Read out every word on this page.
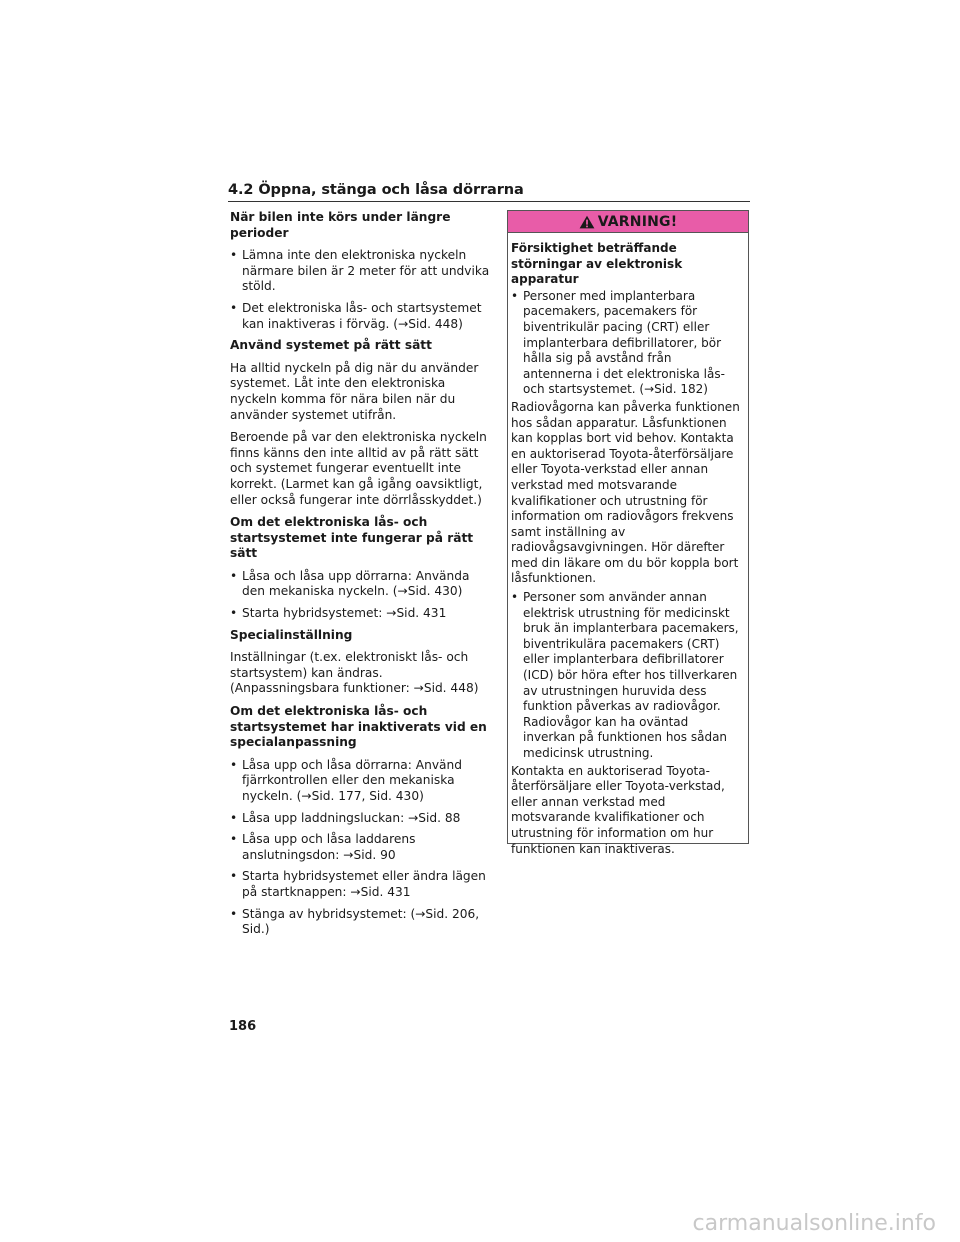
4.2 Öppna, stänga och låsa dörrarna
När bilen inte körs under längre perioder
• Lämna inte den elektroniska nyckeln närmare bilen är 2 meter för att undvika stöld.
• Det elektroniska lås- och startsystemet kan inaktiveras i förväg. (→Sid. 448)
Använd systemet på rätt sätt
Ha alltid nyckeln på dig när du använder systemet. Låt inte den elektroniska nyckeln komma för nära bilen när du använder systemet utifrån.
Beroende på var den elektroniska nyckeln finns känns den inte alltid av på rätt sätt och systemet fungerar eventuellt inte korrekt. (Larmet kan gå igång oavsiktligt, eller också fungerar inte dörrlåsskyddet.)
Om det elektroniska lås- och startsystemet inte fungerar på rätt sätt
• Låsa och låsa upp dörrarna: Använda den mekaniska nyckeln. (→Sid. 430)
• Starta hybridsystemet: →Sid. 431
Specialinställning
Inställningar (t.ex. elektroniskt lås- och startsystem) kan ändras. (Anpassningsbara funktioner: →Sid. 448)
Om det elektroniska lås- och startsystemet har inaktiverats vid en specialanpassning
• Låsa upp och låsa dörrarna: Använd fjärrkontrollen eller den mekaniska nyckeln. (→Sid. 177, Sid. 430)
• Låsa upp laddningsluckan: →Sid. 88
• Låsa upp och låsa laddarens anslutningsdon: →Sid. 90
• Starta hybridsystemet eller ändra lägen på startknappen: →Sid. 431
• Stänga av hybridsystemet: (→Sid. 206, Sid.)
VARNING!
Försiktighet beträffande störningar av elektronisk apparatur
• Personer med implanterbara pacemakers, pacemakers för biventrikulär pacing (CRT) eller implanterbara defibrillatorer, bör hålla sig på avstånd från antennerna i det elektroniska lås- och startsystemet. (→Sid. 182)
Radiovågorna kan påverka funktionen hos sådan apparatur. Låsfunktionen kan kopplas bort vid behov. Kontakta en auktoriserad Toyota-återförsäljare eller Toyota-verkstad eller annan verkstad med motsvarande kvalifikationer och utrustning för information om radiovågors frekvens samt inställning av radiovågsavgivningen. Hör därefter med din läkare om du bör koppla bort låsfunktionen.
• Personer som använder annan elektrisk utrustning för medicinskt bruk än implanterbara pacemakers, biventrikulära pacemakers (CRT) eller implanterbara defibrillatorer (ICD) bör höra efter hos tillverkaren av utrustningen huruvida dess funktion påverkas av radiovågor. Radiovågor kan ha oväntad inverkan på funktionen hos sådan medicinsk utrustning.
Kontakta en auktoriserad Toyota-återförsäljare eller Toyota-verkstad, eller annan verkstad med motsvarande kvalifikationer och utrustning för information om hur funktionen kan inaktiveras.
186
carmanualsonline.info
